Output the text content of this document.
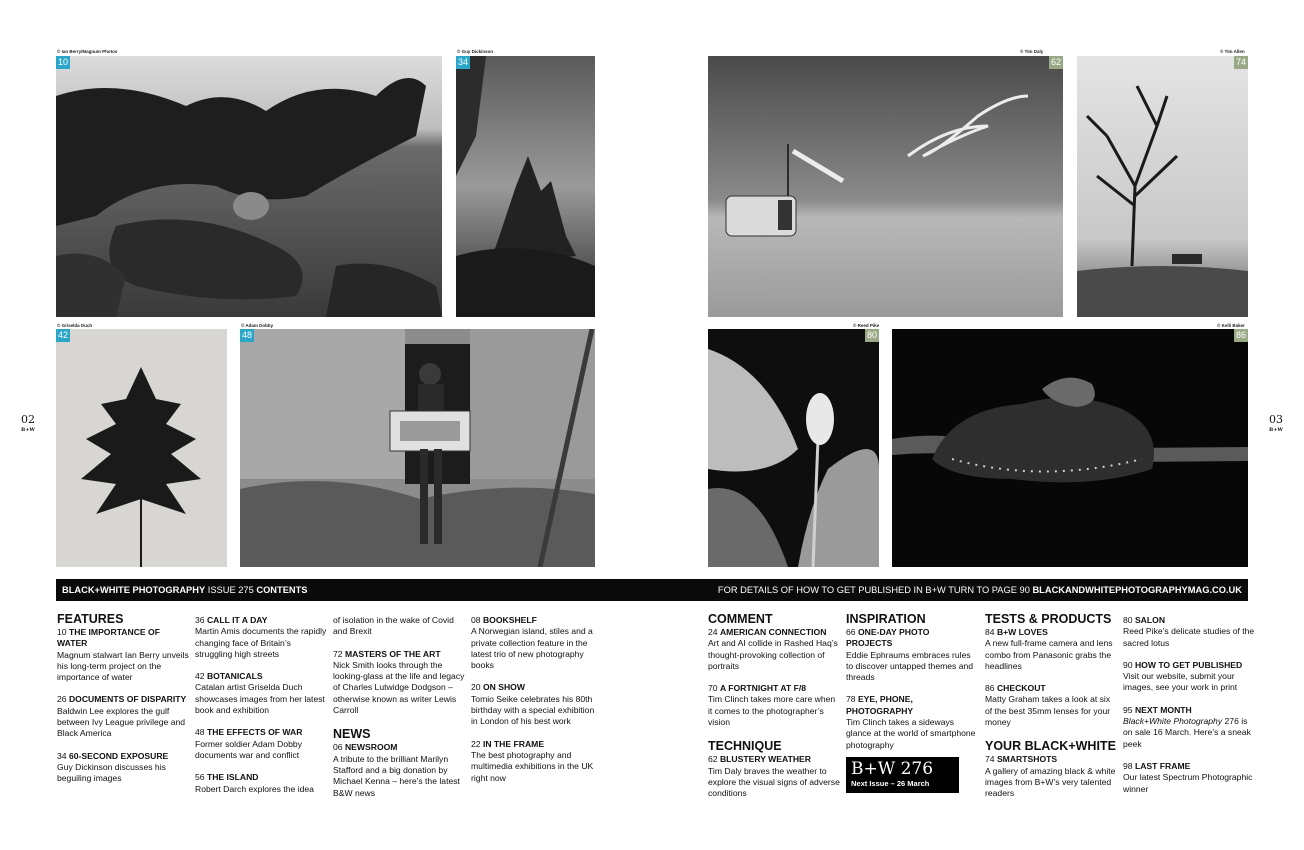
02
B+W
03
B+W
© Ian Berry/Magnum Photos	© Guy Dickinson
© Griselda Duch	© Adam Dobby
© Tim Daly	© Tim Allen
© Reed Pike	© Kelli Baker
10	34
42	48
62	74
80	86
BLACK+WHITE PHOTOGRAPHY ISSUE 275 CONTENTS	FOR DETAILS OF HOW TO GET PUBLISHED IN B+W TURN TO PAGE 90 BLACKANDWHITEPHOTOGRAPHYMAG.CO.UK
FEATURES
10 THE IMPORTANCE OF WATER
Magnum stalwart Ian Berry unveils his long-term project on the importance of water
26 DOCUMENTS OF DISPARITY
Baldwin Lee explores the gulf between Ivy League privilege and Black America
34 60-SECOND EXPOSURE
Guy Dickinson discusses his beguiling images
36 CALL IT A DAY
Martin Amis documents the rapidly changing face of Britain’s struggling high streets
42 BOTANICALS
Catalan artist Griselda Duch showcases images from her latest book and exhibition
48 THE EFFECTS OF WAR
Former soldier Adam Dobby documents war and conflict
56 THE ISLAND
Robert Darch explores the idea
of isolation in the wake of Covid and Brexit
72 MASTERS OF THE ART
Nick Smith looks through the looking-glass at the life and legacy of Charles Lutwidge Dodgson – otherwise known as writer Lewis Carroll
NEWS
06 NEWSROOM
A tribute to the brilliant Marilyn Stafford and a big donation by Michael Kenna – here’s the latest B&W news
08 BOOKSHELF
A Norwegian island, stiles and a private collection feature in the latest trio of new photography books
20 ON SHOW
Tomio Seike celebrates his 80th birthday with a special exhibition in London of his best work
22 IN THE FRAME
The best photography and multimedia exhibitions in the UK right now
COMMENT
24 AMERICAN CONNECTION
Art and AI collide in Rashed Haq’s thought-provoking collection of portraits
70 A FORTNIGHT AT F/8
Tim Clinch takes more care when it comes to the photographer’s vision
TECHNIQUE
62 BLUSTERY WEATHER
Tim Daly braves the weather to explore the visual signs of adverse conditions
INSPIRATION
66 ONE-DAY PHOTO PROJECTS
Eddie Ephraums embraces rules to discover untapped themes and threads
78 EYE, PHONE, PHOTOGRAPHY
Tim Clinch takes a sideways glance at the world of smartphone photography
B+W 276
Next Issue – 26 March
TESTS & PRODUCTS
84 B+W LOVES
A new full-frame camera and lens combo from Panasonic grabs the headlines
86 CHECKOUT
Matty Graham takes a look at six of the best 35mm lenses for your money
YOUR BLACK+WHITE
74 SMARTSHOTS
A gallery of amazing black & white images from B+W’s very talented readers
80 SALON
Reed Pike’s delicate studies of the sacred lotus
90 HOW TO GET PUBLISHED
Visit our website, submit your images, see your work in print
95 NEXT MONTH
Black+White Photography 276 is on sale 16 March. Here’s a sneak peek
98 LAST FRAME
Our latest Spectrum Photographic winner
